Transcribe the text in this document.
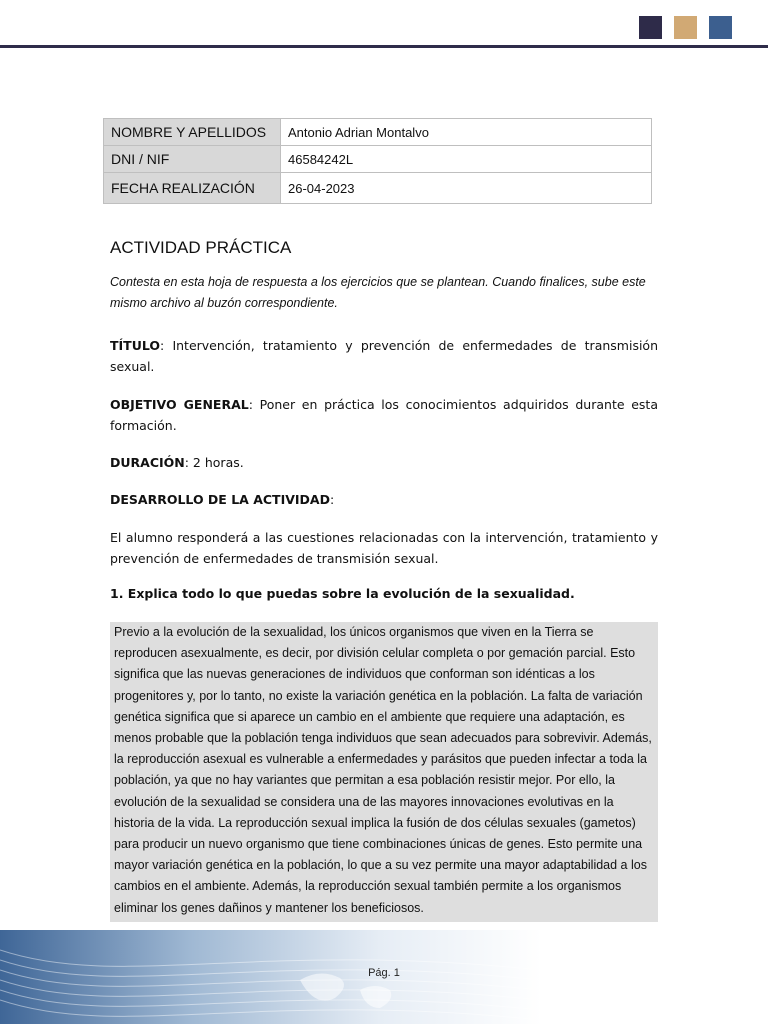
NOMBRE Y APELLIDOS	Antonio Adrian Montalvo
DNI / NIF	46584242L
FECHA REALIZACIÓN	26-04-2023
ACTIVIDAD PRÁCTICA
Contesta en esta hoja de respuesta a los ejercicios que se plantean. Cuando finalices, sube este mismo archivo al buzón correspondiente.
TÍTULO: Intervención, tratamiento y prevención de enfermedades de transmisión sexual.
OBJETIVO GENERAL: Poner en práctica los conocimientos adquiridos durante esta formación.
DURACIÓN: 2 horas.
DESARROLLO DE LA ACTIVIDAD:
El alumno responderá a las cuestiones relacionadas con la intervención, tratamiento y prevención de enfermedades de transmisión sexual.
1. Explica todo lo que puedas sobre la evolución de la sexualidad.
Previo a la evolución de la sexualidad, los únicos organismos que viven en la Tierra se reproducen asexualmente, es decir, por división celular completa o por gemación parcial. Esto significa que las nuevas generaciones de individuos que conforman son idénticas a los progenitores y, por lo tanto, no existe la variación genética en la población. La falta de variación genética significa que si aparece un cambio en el ambiente que requiere una adaptación, es menos probable que la población tenga individuos que sean adecuados para sobrevivir. Además, la reproducción asexual es vulnerable a enfermedades y parásitos que pueden infectar a toda la población, ya que no hay variantes que permitan a esa población resistir mejor. Por ello, la evolución de la sexualidad se considera una de las mayores innovaciones evolutivas en la historia de la vida. La reproducción sexual implica la fusión de dos células sexuales (gametos) para producir un nuevo organismo que tiene combinaciones únicas de genes. Esto permite una mayor variación genética en la población, lo que a su vez permite una mayor adaptabilidad a los cambios en el ambiente. Además, la reproducción sexual también permite a los organismos eliminar los genes dañinos y mantener los beneficiosos.
Pág. 1
